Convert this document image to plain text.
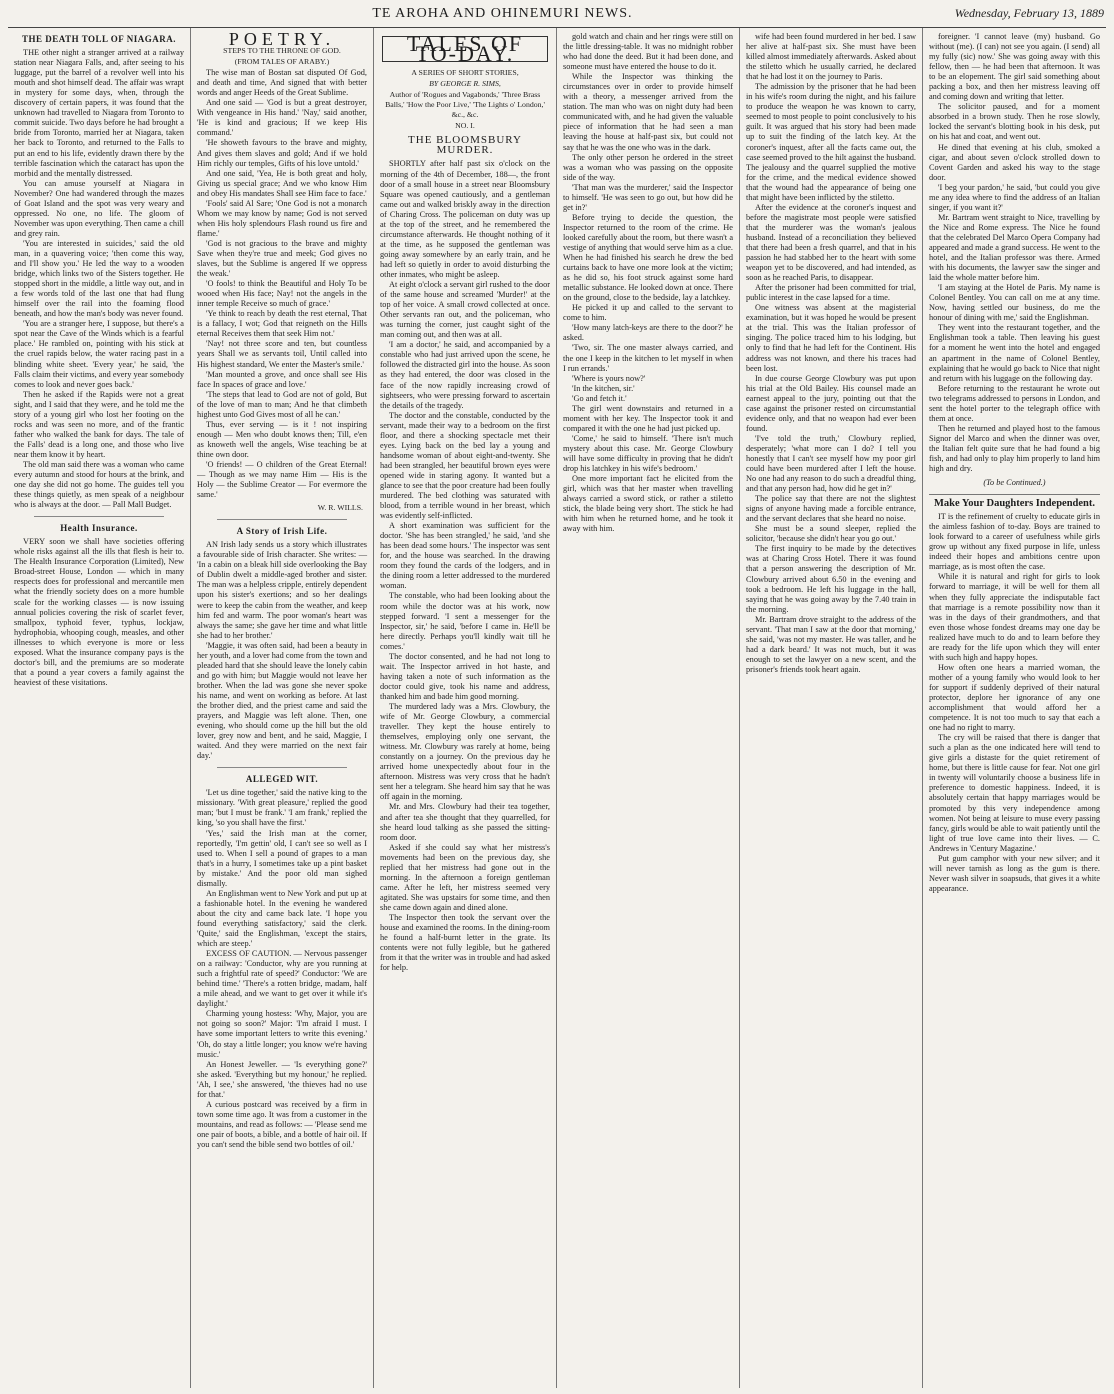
TE AROHA AND OHINEMURI NEWS.	Wednesday, February 13, 1889
THE DEATH TOLL OF NIAGARA.

THE other night a stranger arrived at a railway station near Niagara Falls, and, after seeing to his luggage, put the barrel of a revolver well into his mouth and shot himself dead. The affair was wrapt in mystery for some days, when, through the discovery of certain papers, it was found that the unknown had travelled to Niagara from Toronto to commit suicide. Two days before he had brought a bride from Toronto, married her at Niagara, taken her back to Toronto, and returned to the Falls to put an end to his life, evidently drawn there by the terrible fascination which the cataract has upon the morbid and the mentally distressed.

You can amuse yourself at Niagara in November? One had wandered through the mazes of Goat Island and the spot was very weary and oppressed. No one, no life. The gloom of November was upon everything. Then came a chill and grey rain.

'You are interested in suicides,' said the old man, in a quavering voice; 'then come this way, and I'll show you.' He led the way to a wooden bridge, which links two of the Sisters together. He stopped short in the middle, a little way out, and in a few words told of the last one that had flung himself over the rail into the foaming flood beneath, and how the man's body was never found.

'You are a stranger here, I suppose, but there's a spot near the Cave of the Winds which is a fearful place.' He rambled on, pointing with his stick at the cruel rapids below, the water racing past in a blinding white sheet. 'Every year,' he said, 'the Falls claim their victims, and every year somebody comes to look and never goes back.'

Then he asked if the Rapids were not a great sight, and I said that they were, and he told me the story of a young girl who lost her footing on the rocks and was seen no more, and of the frantic father who walked the bank for days. The tale of the Falls' dead is a long one, and those who live near them know it by heart.

The old man said there was a woman who came every autumn and stood for hours at the brink, and one day she did not go home. The guides tell you these things quietly, as men speak of a neighbour who is always at the door. — Pall Mall Budget.

Health Insurance.

VERY soon we shall have societies offering whole risks against all the ills that flesh is heir to. The Health Insurance Corporation (Limited), New Broad-street House, London — which in many respects does for professional and mercantile men what the friendly society does on a more humble scale for the working classes — is now issuing annual policies covering the risk of scarlet fever, smallpox, typhoid fever, typhus, lockjaw, hydrophobia, whooping cough, measles, and other illnesses to which everyone is more or less exposed. What the insurance company pays is the doctor's bill, and the premiums are so moderate that a pound a year covers a family against the heaviest of these visitations.

POETRY.
STEPS TO THE THRONE OF GOD.
(FROM TALES OF ARABY.)

The wise man of Bostan sat disputed Of God, and death and time, And signed that with better words and anger Heeds of the Great Sublime.

And one said — 'God is but a great destroyer, With vengeance in His hand.' 'Nay,' said another, 'He is kind and gracious; If we keep His command.'

'He showeth favours to the brave and mighty, And gives them slaves and gold; And if we hold Him richly our temples, Gifts of his love untold.'

And one said, 'Yea, He is both great and holy, Giving us special grace; And we who know Him and obey His mandates Shall see Him face to face.'

'Fools' said Al Sare; 'One God is not a monarch Whom we may know by name; God is not served when His holy splendours Flash round us fire and flame.'

'God is not gracious to the brave and mighty Save when they're true and meek; God gives no slaves, but the Sublime is angered If we oppress the weak.'

'O fools! to think the Beautiful and Holy To be wooed when His face; Nay! not the angels in the inner temple Receive so much of grace.'

'Ye think to reach by death the rest eternal, That is a fallacy, I wot; God that reigneth on the Hills eternal Receives them that seek Him not.'

'Nay! not three score and ten, but countless years Shall we as servants toil, Until called into His highest standard, We enter the Master's smile.'

'Man mounted a grove, and once shall see His face In spaces of grace and love.'

'The steps that lead to God are not of gold, But of the love of man to man; And he that climbeth highest unto God Gives most of all he can.'

Thus, ever serving — is it ! not inspiring enough — Men who doubt knows then; Till, e'en as knoweth well the angels, Wise teaching be at thine own door.

'O friends! — O children of the Great Eternal! — Though as we may name Him — His is the Holy — the Sublime Creator — For evermore the same.'

W. R. WILLS.
A Story of Irish Life.

AN Irish lady sends us a story which illustrates a favourable side of Irish character. She writes: — 'In a cabin on a bleak hill side overlooking the Bay of Dublin dwelt a middle-aged brother and sister. The man was a helpless cripple, entirely dependent upon his sister's exertions; and so her dealings were to keep the cabin from the weather, and keep him fed and warm. The poor woman's heart was always the same; she gave her time and what little she had to her brother.'

'Maggie, it was often said, had been a beauty in her youth, and a lover had come from the town and pleaded hard that she should leave the lonely cabin and go with him; but Maggie would not leave her brother. When the lad was gone she never spoke his name, and went on working as before. At last the brother died, and the priest came and said the prayers, and Maggie was left alone. Then, one evening, who should come up the hill but the old lover, grey now and bent, and he said, Maggie, I waited. And they were married on the next fair day.'

ALLEGED WIT.

'Let us dine together,' said the native king to the missionary. 'With great pleasure,' replied the good man; 'but I must be frank.' 'I am frank,' replied the king, 'so you shall have the first.'

'Yes,' said the Irish man at the corner, reportedly, 'I'm gettin' old, I can't see so well as I used to. When I sell a pound of grapes to a man that's in a hurry, I sometimes take up a pint basket by mistake.' And the poor old man sighed dismally.

An Englishman went to New York and put up at a fashionable hotel. In the evening he wandered about the city and came back late. 'I hope you found everything satisfactory,' said the clerk. 'Quite,' said the Englishman, 'except the stairs, which are steep.'

EXCESS OF CAUTION. — Nervous passenger on a railway: 'Conductor, why are you running at such a frightful rate of speed?' Conductor: 'We are behind time.' 'There's a rotten bridge, madam, half a mile ahead, and we want to get over it while it's daylight.'

Charming young hostess: 'Why, Major, you are not going so soon?' Major: 'I'm afraid I must. I have some important letters to write this evening.' 'Oh, do stay a little longer; you know we're having music.'

An Honest Jeweller. — 'Is everything gone?' she asked. 'Everything but my honour,' he replied. 'Ah, I see,' she answered, 'the thieves had no use for that.'

A curious postcard was received by a firm in town some time ago. It was from a customer in the mountains, and read as follows: — 'Please send me one pair of boots, a bible, and a bottle of hair oil. If you can't send the bible send two bottles of oil.'

TALES OF TO-DAY.
A SERIES OF SHORT STORIES,
BY GEORGE R. SIMS,
Author of 'Rogues and Vagabonds,' 'Three Brass Balls,' 'How the Poor Live,' 'The Lights o' London,' &c., &c.
NO. I.
THE BLOOMSBURY MURDER.

SHORTLY after half past six o'clock on the morning of the 4th of December, 188—, the front door of a small house in a street near Bloomsbury Square was opened cautiously, and a gentleman came out and walked briskly away in the direction of Charing Cross. The policeman on duty was up at the top of the street, and he remembered the circumstance afterwards. He thought nothing of it at the time, as he supposed the gentleman was going away somewhere by an early train, and he had left so quietly in order to avoid disturbing the other inmates, who might be asleep.

At eight o'clock a servant girl rushed to the door of the same house and screamed 'Murder!' at the top of her voice. A small crowd collected at once. Other servants ran out, and the policeman, who was turning the corner, just caught sight of the man coming out, and then was at all.

'I am a doctor,' he said, and accompanied by a constable who had just arrived upon the scene, he followed the distracted girl into the house. As soon as they had entered, the door was closed in the face of the now rapidly increasing crowd of sightseers, who were pressing forward to ascertain the details of the tragedy.

The doctor and the constable, conducted by the servant, made their way to a bedroom on the first floor, and there a shocking spectacle met their eyes. Lying back on the bed lay a young and handsome woman of about eight-and-twenty. She had been strangled, her beautiful brown eyes were opened wide in staring agony. It wanted but a glance to see that the poor creature had been foully murdered. The bed clothing was saturated with blood, from a terrible wound in her breast, which was evidently self-inflicted.

A short examination was sufficient for the doctor. 'She has been strangled,' he said, 'and she has been dead some hours.' The inspector was sent for, and the house was searched. In the drawing room they found the cards of the lodgers, and in the dining room a letter addressed to the murdered woman.

The constable, who had been looking about the room while the doctor was at his work, now stepped forward. 'I sent a messenger for the Inspector, sir,' he said, 'before I came in. He'll be here directly. Perhaps you'll kindly wait till he comes.'

The doctor consented, and he had not long to wait. The Inspector arrived in hot haste, and having taken a note of such information as the doctor could give, took his name and address, thanked him and bade him good morning.

The murdered lady was a Mrs. Clowbury, the wife of Mr. George Clowbury, a commercial traveller. They kept the house entirely to themselves, employing only one servant, the witness. Mr. Clowbury was rarely at home, being constantly on a journey. On the previous day he arrived home unexpectedly about four in the afternoon. Mistress was very cross that he hadn't sent her a telegram. She heard him say that he was off again in the morning.

Mr. and Mrs. Clowbury had their tea together, and after tea she thought that they quarrelled, for she heard loud talking as she passed the sitting-room door.

Asked if she could say what her mistress's movements had been on the previous day, she replied that her mistress had gone out in the morning. In the afternoon a foreign gentleman came. After he left, her mistress seemed very agitated. She was upstairs for some time, and then she came down again and dined alone.

The Inspector then took the servant over the house and examined the rooms. In the dining-room he found a half-burnt letter in the grate. Its contents were not fully legible, but he gathered from it that the writer was in trouble and had asked for help.

gold watch and chain and her rings were still on the little dressing-table. It was no midnight robber who had done the deed. But it had been done, and someone must have entered the house to do it.

While the Inspector was thinking the circumstances over in order to provide himself with a theory, a messenger arrived from the station. The man who was on night duty had been communicated with, and he had given the valuable piece of information that he had seen a man leaving the house at half-past six, but could not say that he was the one who was in the dark.

The only other person he ordered in the street was a woman who was passing on the opposite side of the way.

'That man was the murderer,' said the Inspector to himself. 'He was seen to go out, but how did he get in?'

Before trying to decide the question, the Inspector returned to the room of the crime. He looked carefully about the room, but there wasn't a vestige of anything that would serve him as a clue. When he had finished his search he drew the bed curtains back to have one more look at the victim; as he did so, his foot struck against some hard metallic substance. He looked down at once. There on the ground, close to the bedside, lay a latchkey.

He picked it up and called to the servant to come to him.

'How many latch-keys are there to the door?' he asked.

'Two, sir. The one master always carried, and the one I keep in the kitchen to let myself in when I run errands.'

'Where is yours now?'

'In the kitchen, sir.'

'Go and fetch it.'

The girl went downstairs and returned in a moment with her key. The Inspector took it and compared it with the one he had just picked up.

'Come,' he said to himself. 'There isn't much mystery about this case. Mr. George Clowbury will have some difficulty in proving that he didn't drop his latchkey in his wife's bedroom.'

One more important fact he elicited from the girl, which was that her master when travelling always carried a sword stick, or rather a stiletto stick, the blade being very short. The stick he had with him when he returned home, and he took it away with him.

wife had been found murdered in her bed. I saw her alive at half-past six. She must have been killed almost immediately afterwards. Asked about the stiletto which he usually carried, he declared that he had lost it on the journey to Paris.

The admission by the prisoner that he had been in his wife's room during the night, and his failure to produce the weapon he was known to carry, seemed to most people to point conclusively to his guilt. It was argued that his story had been made up to suit the finding of the latch key. At the coroner's inquest, after all the facts came out, the case seemed proved to the hilt against the husband. The jealousy and the quarrel supplied the motive for the crime, and the medical evidence showed that the wound had the appearance of being one that might have been inflicted by the stiletto.

After the evidence at the coroner's inquest and before the magistrate most people were satisfied that the murderer was the woman's jealous husband. Instead of a reconciliation they believed that there had been a fresh quarrel, and that in his passion he had stabbed her to the heart with some weapon yet to be discovered, and had intended, as soon as he reached Paris, to disappear.

After the prisoner had been committed for trial, public interest in the case lapsed for a time.

One witness was absent at the magisterial examination, but it was hoped he would be present at the trial. This was the Italian professor of singing. The police traced him to his lodging, but only to find that he had left for the Continent. His address was not known, and there his traces had been lost.

In due course George Clowbury was put upon his trial at the Old Bailey. His counsel made an earnest appeal to the jury, pointing out that the case against the prisoner rested on circumstantial evidence only, and that no weapon had ever been found.

'I've told the truth,' Clowbury replied, desperately; 'what more can I do? I tell you honestly that I can't see myself how my poor girl could have been murdered after I left the house. No one had any reason to do such a dreadful thing, and that any person had, how did he get in?'

The police say that there are not the slightest signs of anyone having made a forcible entrance, and the servant declares that she heard no noise.

She must be a sound sleeper, replied the solicitor, 'because she didn't hear you go out.'

The first inquiry to be made by the detectives was at Charing Cross Hotel. There it was found that a person answering the description of Mr. Clowbury arrived about 6.50 in the evening and took a bedroom. He left his luggage in the hall, saying that he was going away by the 7.40 train in the morning.

Mr. Bartram drove straight to the address of the servant. 'That man I saw at the door that morning,' she said, 'was not my master. He was taller, and he had a dark beard.' It was not much, but it was enough to set the lawyer on a new scent, and the prisoner's friends took heart again.

foreigner. 'I cannot leave (my) husband. Go without (me). (I can) not see you again. (I send) all my fully (sic) now.' She was going away with this fellow, then — he had been that afternoon. It was to be an elopement. The girl said something about packing a box, and then her mistress leaving off and coming down and writing that letter.

The solicitor paused, and for a moment absorbed in a brown study. Then he rose slowly, locked the servant's blotting book in his desk, put on his hat and coat, and went out.

He dined that evening at his club, smoked a cigar, and about seven o'clock strolled down to Covent Garden and asked his way to the stage door.

'I beg your pardon,' he said, 'but could you give me any idea where to find the address of an Italian singer, if you want it?'

Mr. Bartram went straight to Nice, travelling by the Nice and Rome express. The Nice he found that the celebrated Del Marco Opera Company had appeared and made a grand success. He went to the hotel, and the Italian professor was there. Armed with his documents, the lawyer saw the singer and laid the whole matter before him.

'I am staying at the Hotel de Paris. My name is Colonel Bentley. You can call on me at any time. Now, having settled our business, do me the honour of dining with me,' said the Englishman.

They went into the restaurant together, and the Englishman took a table. Then leaving his guest for a moment he went into the hotel and engaged an apartment in the name of Colonel Bentley, explaining that he would go back to Nice that night and return with his luggage on the following day.

Before returning to the restaurant he wrote out two telegrams addressed to persons in London, and sent the hotel porter to the telegraph office with them at once.

Then he returned and played host to the famous Signor del Marco and when the dinner was over, the Italian felt quite sure that he had found a big fish, and had only to play him properly to land him high and dry.

(To be Continued.)
Make Your Daughters Independent.

IT is the refinement of cruelty to educate girls in the aimless fashion of to-day. Boys are trained to look forward to a career of usefulness while girls grow up without any fixed purpose in life, unless indeed their hopes and ambitions centre upon marriage, as is most often the case.

While it is natural and right for girls to look forward to marriage, it will be well for them all when they fully appreciate the indisputable fact that marriage is a remote possibility now than it was in the days of their grandmothers, and that even those whose fondest dreams may one day be realized have much to do and to learn before they are ready for the life upon which they will enter with such high and happy hopes.

How often one hears a married woman, the mother of a young family who would look to her for support if suddenly deprived of their natural protector, deplore her ignorance of any one accomplishment that would afford her a competence. It is not too much to say that each a one had no right to marry.

The cry will be raised that there is danger that such a plan as the one indicated here will tend to give girls a distaste for the quiet retirement of home, but there is little cause for fear. Not one girl in twenty will voluntarily choose a business life in preference to domestic happiness. Indeed, it is absolutely certain that happy marriages would be promoted by this very independence among women. Not being at leisure to muse every passing fancy, girls would be able to wait patiently until the light of true love came into their lives. — C. Andrews in 'Century Magazine.'

Put gum camphor with your new silver; and it will never tarnish as long as the gum is there. Never wash silver in soapsuds, that gives it a white appearance.
